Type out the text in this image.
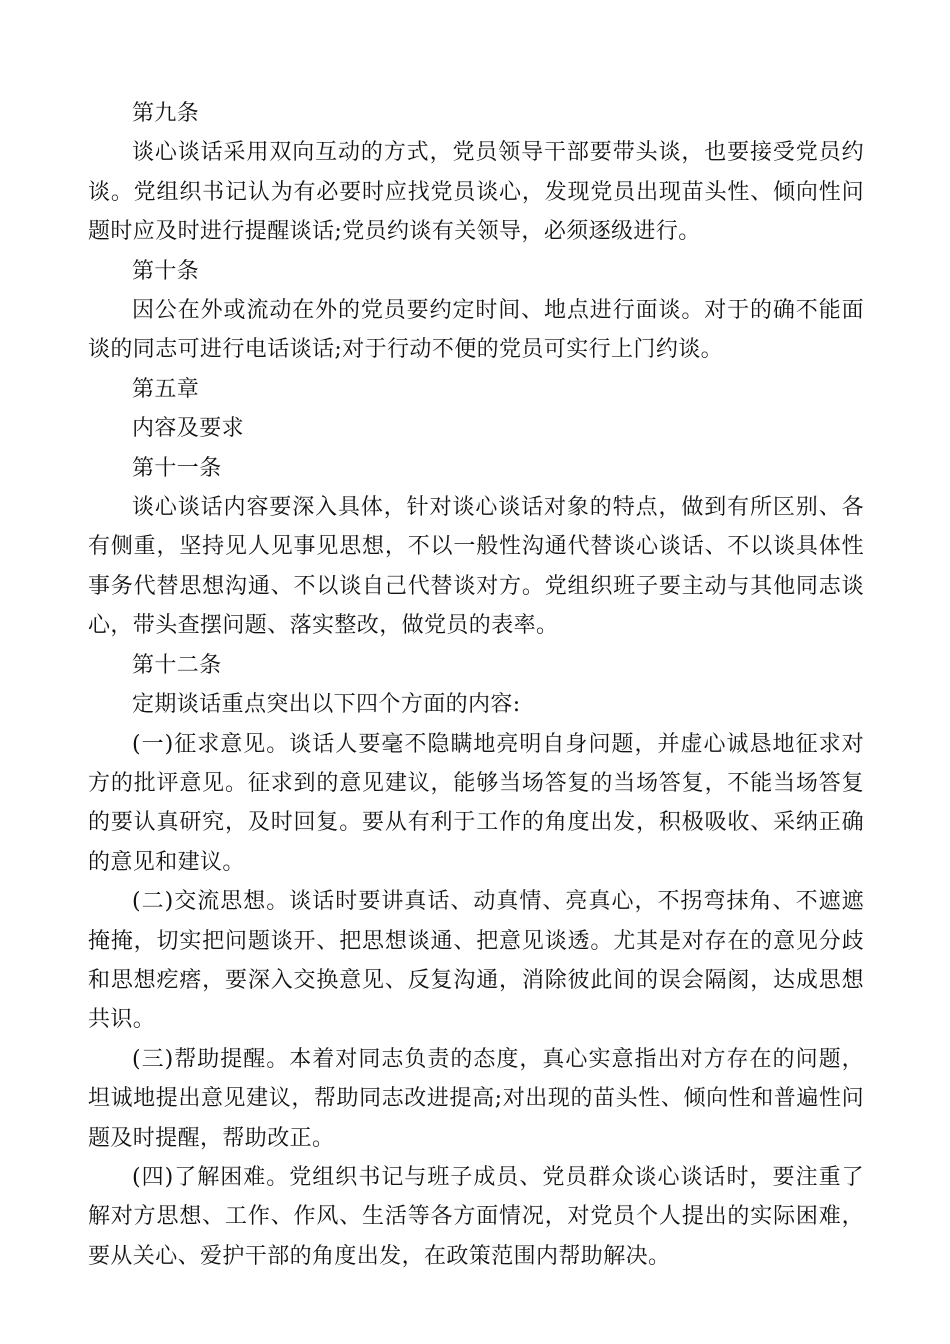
第九条

谈心谈话采用双向互动的方式，党员领导干部要带头谈，也要接受党员约谈。党组织书记认为有必要时应找党员谈心，发现党员出现苗头性、倾向性问题时应及时进行提醒谈话;党员约谈有关领导，必须逐级进行。

第十条

因公在外或流动在外的党员要约定时间、地点进行面谈。对于的确不能面谈的同志可进行电话谈话;对于行动不便的党员可实行上门约谈。

第五章

内容及要求

第十一条

谈心谈话内容要深入具体，针对谈心谈话对象的特点，做到有所区别、各有侧重，坚持见人见事见思想，不以一般性沟通代替谈心谈话、不以谈具体性事务代替思想沟通、不以谈自己代替谈对方。党组织班子要主动与其他同志谈心，带头查摆问题、落实整改，做党员的表率。

第十二条

定期谈话重点突出以下四个方面的内容:

(一)征求意见。谈话人要毫不隐瞒地亮明自身问题，并虚心诚恳地征求对方的批评意见。征求到的意见建议，能够当场答复的当场答复，不能当场答复的要认真研究，及时回复。要从有利于工作的角度出发，积极吸收、采纳正确的意见和建议。

(二)交流思想。谈话时要讲真话、动真情、亮真心，不拐弯抹角、不遮遮掩掩，切实把问题谈开、把思想谈通、把意见谈透。尤其是对存在的意见分歧和思想疙瘩，要深入交换意见、反复沟通，消除彼此间的误会隔阂，达成思想共识。

(三)帮助提醒。本着对同志负责的态度，真心实意指出对方存在的问题，坦诚地提出意见建议，帮助同志改进提高;对出现的苗头性、倾向性和普遍性问题及时提醒，帮助改正。

(四)了解困难。党组织书记与班子成员、党员群众谈心谈话时，要注重了解对方思想、工作、作风、生活等各方面情况，对党员个人提出的实际困难，要从关心、爱护干部的角度出发，在政策范围内帮助解决。
